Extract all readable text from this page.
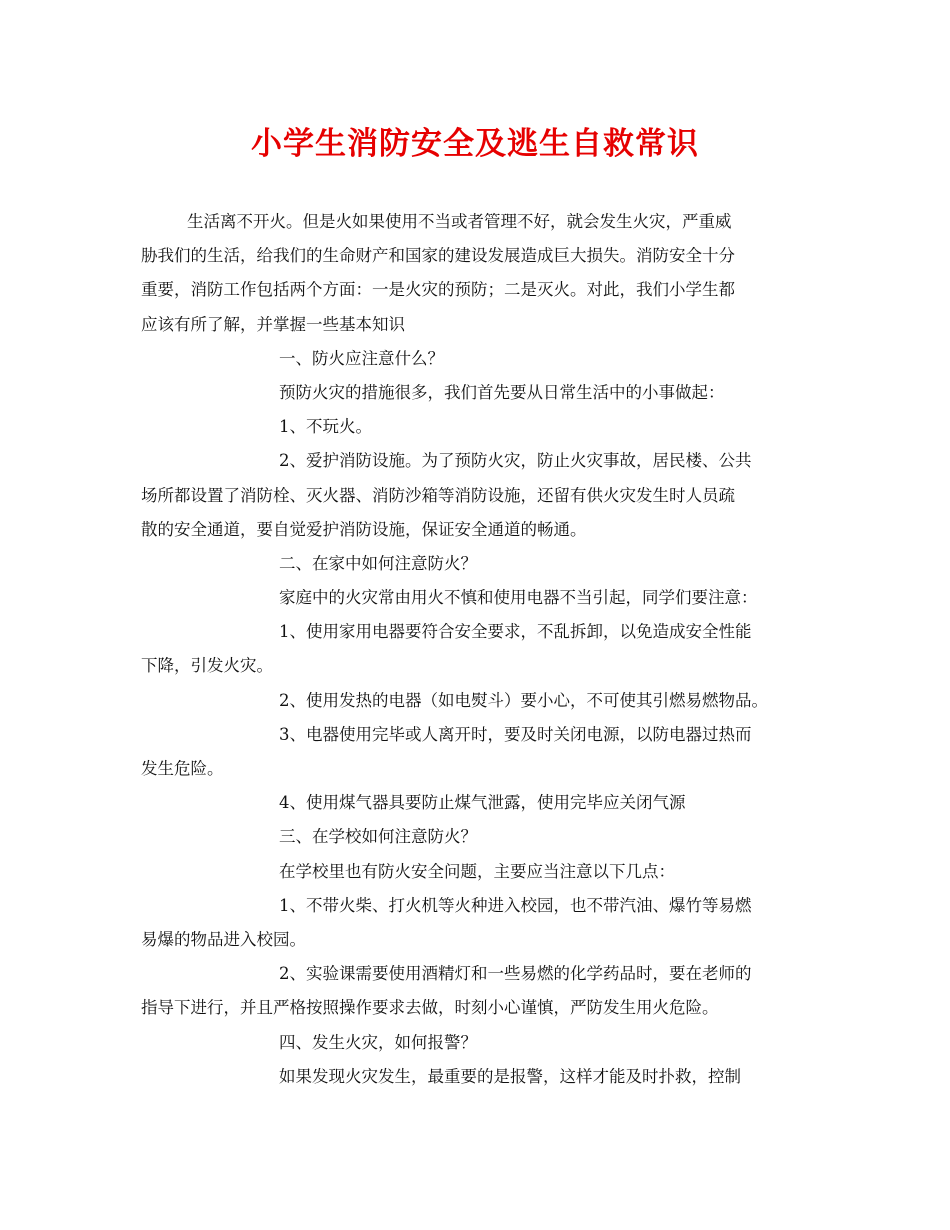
小学生消防安全及逃生自救常识
生活离不开火。但是火如果使用不当或者管理不好，就会发生火灾，严重威
胁我们的生活，给我们的生命财产和国家的建设发展造成巨大损失。消防安全十分
重要，消防工作包括两个方面：一是火灾的预防；二是灭火。对此，我们小学生都
应该有所了解，并掌握一些基本知识
一、防火应注意什么？
预防火灾的措施很多，我们首先要从日常生活中的小事做起：
1、不玩火。
2、爱护消防设施。为了预防火灾，防止火灾事故，居民楼、公共
场所都设置了消防栓、灭火器、消防沙箱等消防设施，还留有供火灾发生时人员疏
散的安全通道，要自觉爱护消防设施，保证安全通道的畅通。
二、在家中如何注意防火？
家庭中的火灾常由用火不慎和使用电器不当引起，同学们要注意：
1、使用家用电器要符合安全要求，不乱拆卸，以免造成安全性能
下降，引发火灾。
2、使用发热的电器（如电熨斗）要小心，不可使其引燃易燃物品。
3、电器使用完毕或人离开时，要及时关闭电源，以防电器过热而
发生危险。
4、使用煤气器具要防止煤气泄露，使用完毕应关闭气源
三、在学校如何注意防火？
在学校里也有防火安全问题，主要应当注意以下几点：
1、不带火柴、打火机等火种进入校园，也不带汽油、爆竹等易燃
易爆的物品进入校园。
2、实验课需要使用酒精灯和一些易燃的化学药品时，要在老师的
指导下进行，并且严格按照操作要求去做，时刻小心谨慎，严防发生用火危险。
四、发生火灾，如何报警？
如果发现火灾发生，最重要的是报警，这样才能及时扑救，控制
